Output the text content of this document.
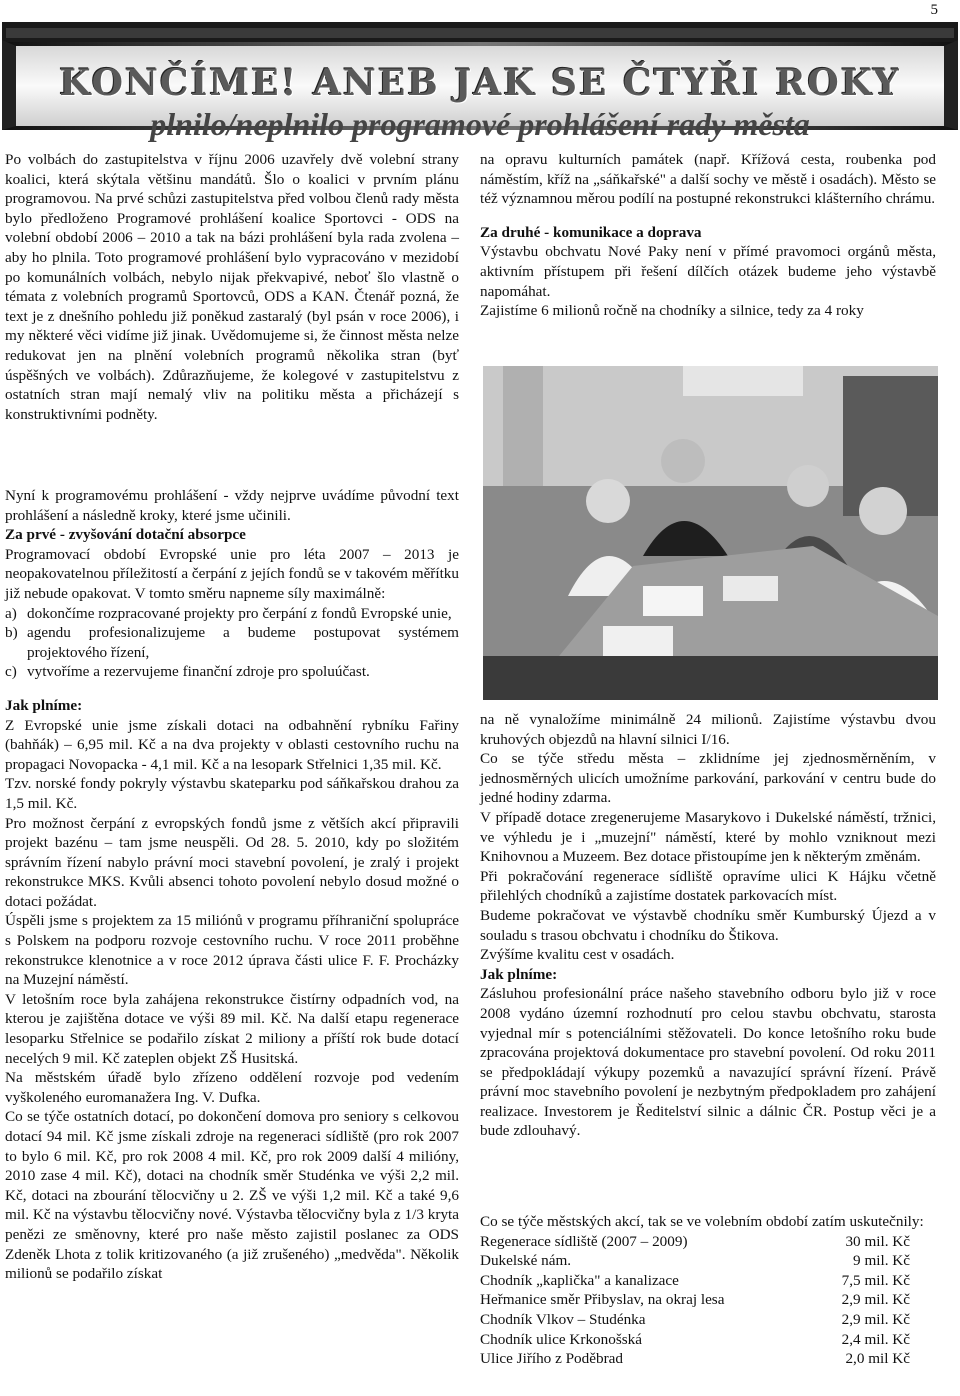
5
KONČÍME! ANEB JAK SE ČTYŘI ROKY
plnilo/neplnilo programové prohlášení rady města

Po volbách do zastupitelstva v říjnu 2006 uzavřely dvě volební strany koalici, která skýtala většinu mandátů. Šlo o koalici v prvním plánu programovou. Na prvé schůzi zastupitelstva před volbou členů rady města bylo předloženo Programové prohlášení koalice Sportovci - ODS na volební období 2006 – 2010 a tak na bázi prohlášení byla rada zvolena – aby ho plnila. Toto programové prohlášení bylo vypracováno v mezidobí po komunálních volbách, nebylo nijak překvapivé, neboť šlo vlastně o témata z volebních programů Sportovců, ODS a KAN. Čtenář pozná, že text je z dnešního pohledu již poněkud zastaralý (byl psán v roce 2006), i my některé věci vidíme již jinak. Uvědomujeme si, že činnost města nelze redukovat jen na plnění volebních programů několika stran (byť úspěšných ve volbách). Zdůrazňujeme, že kolegové v zastupitelstvu z ostatních stran mají nemalý vliv na politiku města a přicházejí s konstruktivními podněty.

Nyní k programovému prohlášení - vždy nejprve uvádíme původní text prohlášení a následně kroky, které jsme učinili.

Za prvé - zvyšování dotační absorpce

Programovací období Evropské unie pro léta 2007 – 2013 je neopakovatelnou příležitostí a čerpání z jejích fondů se v takovém měřítku již nebude opakovat. V tomto směru napneme síly maximálně:

a) dokončíme rozpracované projekty pro čerpání z fondů Evropské unie,

b) agendu profesionalizujeme a budeme postupovat systémem projektového řízení,

c) vytvoříme a rezervujeme finanční zdroje pro spoluúčast.

Jak plníme:

Z Evropské unie jsme získali dotaci na odbahnění rybníku Fařiny (bahňák) – 6,95 mil. Kč a na dva projekty v oblasti cestovního ruchu na propagaci Novopacka - 4,1 mil. Kč a na lesopark Střelnici 1,35 mil. Kč.

Tzv. norské fondy pokryly výstavbu skateparku pod sáňkařskou drahou za 1,5 mil. Kč.

Pro možnost čerpání z evropských fondů jsme z větších akcí připravili projekt bazénu – tam jsme neuspěli. Od 28. 5. 2010, kdy po složitém správním řízení nabylo právní moci stavební povolení, je zralý i projekt rekonstrukce MKS. Kvůli absenci tohoto povolení nebylo dosud možné o dotaci požádat.

Úspěli jsme s projektem za 15 miliónů v programu příhraniční spolupráce s Polskem na podporu rozvoje cestovního ruchu. V roce 2011 proběhne rekonstrukce klenotnice a v roce 2012 úprava části ulice F. F. Procházky na Muzejní náměstí.

V letošním roce byla zahájena rekonstrukce čistírny odpadních vod, na kterou je zajištěna dotace ve výši 89 mil. Kč. Na další etapu regenerace lesoparku Střelnice se podařilo získat 2 miliony a příští rok bude dotací necelých 9 mil. Kč zateplen objekt ZŠ Husitská.

Na městském úřadě bylo zřízeno oddělení rozvoje pod vedením vyškoleného euromanažera Ing. V. Dufka.

Co se týče ostatních dotací, po dokončení domova pro seniory s celkovou dotací 94 mil. Kč jsme získali zdroje na regeneraci sídliště (pro rok 2007 to bylo 6 mil. Kč, pro rok 2008 4 mil. Kč, pro rok 2009 další 4 milióny, 2010 zase 4 mil. Kč), dotaci na chodník směr Studénka ve výši 2,2 mil. Kč, dotaci na zbourání tělocvičny u 2. ZŠ ve výši 1,2 mil. Kč a také 9,6 mil. Kč na výstavbu tělocvičny nové. Výstavba tělocvičny byla z 1/3 kryta penězi ze směnovny, které pro naše město zajistil poslanec za ODS Zdeněk Lhota z tolik kritizovaného (a již zrušeného) „medvěda". Několik milionů se podařilo získat

na opravu kulturních památek (např. Křížová cesta, roubenka pod náměstím, kříž na „sáňkařské" a další sochy ve městě i osadách). Město se též významnou měrou podílí na postupné rekonstrukci klášterního chrámu.

Za druhé - komunikace a doprava

Výstavbu obchvatu Nové Paky není v přímé pravomoci orgánů města, aktivním přístupem při řešení dílčích otázek budeme jeho výstavbě napomáhat.

Zajistíme 6 milionů ročně na chodníky a silnice, tedy za 4 roky

na ně vynaložíme minimálně 24 milionů. Zajistíme výstavbu dvou kruhových objezdů na hlavní silnici I/16.

Co se týče středu města – zklidníme jej zjednosměrněním, v jednosměrných ulicích umožníme parkování, parkování v centru bude do jedné hodiny zdarma.

V případě dotace zregenerujeme Masarykovo i Dukelské náměstí, tržnici, ve výhledu je i „muzejní" náměstí, které by mohlo vzniknout mezi Knihovnou a Muzeem. Bez dotace přistoupíme jen k některým změnám.

Při pokračování regenerace sídliště opravíme ulici K Hájku včetně přilehlých chodníků a zajistíme dostatek parkovacích míst.

Budeme pokračovat ve výstavbě chodníku směr Kumburský Újezd a v souladu s trasou obchvatu i chodníku do Štikova.

Zvýšíme kvalitu cest v osadách.

Jak plníme:

Zásluhou profesionální práce našeho stavebního odboru bylo již v roce 2008 vydáno územní rozhodnutí pro celou stavbu obchvatu, starosta vyjednal mír s potenciálními stěžovateli. Do konce letošního roku bude zpracována projektová dokumentace pro stavební povolení. Od roku 2011 se předpokládají výkupy pozemků a navazující správní řízení. Právě právní moc stavebního povolení je nezbytným předpokladem pro zahájení realizace. Investorem je Ředitelství silnic a dálnic ČR. Postup věci je a bude zdlouhavý.

Co se týče městských akcí, tak se ve volebním období zatím uskutečnily:

Regenerace sídliště (2007 – 2009)	30 mil. Kč
Dukelské nám.	9 mil. Kč
Chodník „kaplička" a kanalizace	7,5 mil. Kč
Heřmanice směr Přibyslav, na okraj lesa	2,9 mil. Kč
Chodník Vlkov – Studénka	2,9 mil. Kč
Chodník ulice Krkonošská	2,4 mil. Kč
Ulice Jiřího z Poděbrad	2,0 mil Kč
